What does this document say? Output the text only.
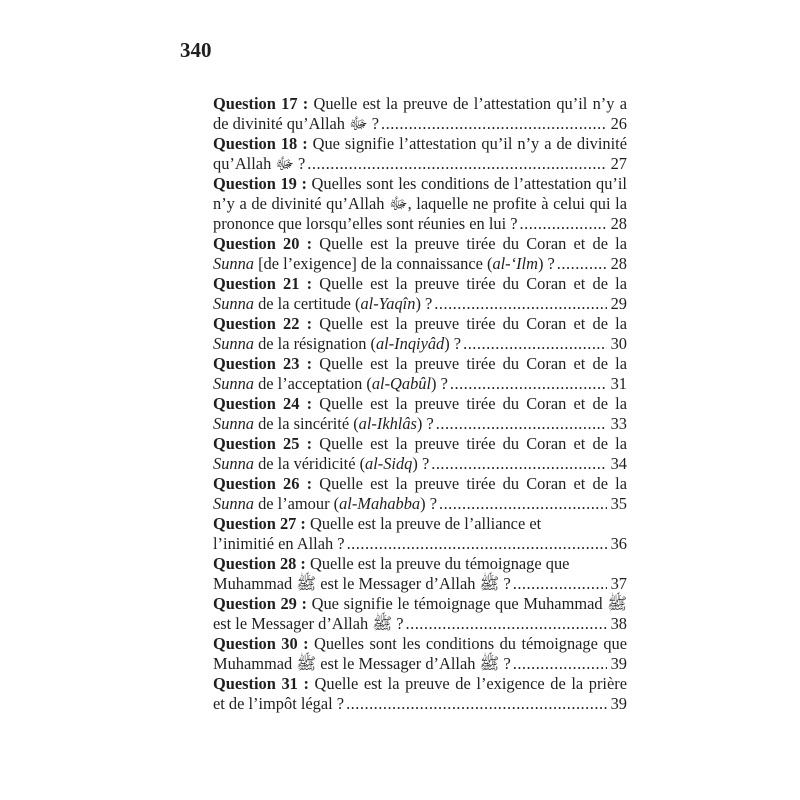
340
Question 17 : Quelle est la preuve de l’attestation qu’il n’y a
de divinité qu’Allah ﷻ ? .....	26
Question 18 : Que signifie l’attestation qu’il n’y a de divinité
qu’Allah ﷻ ? .....	27
Question 19 : Quelles sont les conditions de l’attestation qu’il
n’y a de divinité qu’Allah ﷻ, laquelle ne profite à celui qui la
prononce que lorsqu’elles sont réunies en lui ? .....	28
Question 20 : Quelle est la preuve tirée du Coran et de la
Sunna [de l’exigence] de la connaissance (al-‘Ilm) ? .....	28
Question 21 : Quelle est la preuve tirée du Coran et de la
Sunna de la certitude (al-Yaqîn) ? .....	29
Question 22 : Quelle est la preuve tirée du Coran et de la
Sunna de la résignation (al-Inqiyâd) ? .....	30
Question 23 : Quelle est la preuve tirée du Coran et de la
Sunna de l’acceptation (al-Qabûl) ? .....	31
Question 24 : Quelle est la preuve tirée du Coran et de la
Sunna de la sincérité (al-Ikhlâs) ? .....	33
Question 25 : Quelle est la preuve tirée du Coran et de la
Sunna de la véridicité (al-Sidq) ? .....	34
Question 26 : Quelle est la preuve tirée du Coran et de la
Sunna de l’amour (al-Mahabba) ? .....	35
Question 27 : Quelle est la preuve de l’alliance et
l’inimitié en Allah ? .....	36
Question 28 : Quelle est la preuve du témoignage que
Muhammad ﷺ est le Messager d’Allah ﷺ ? .....	37
Question 29 : Que signifie le témoignage que Muhammad ﷺ
est le Messager d’Allah ﷺ ? .....	38
Question 30 : Quelles sont les conditions du témoignage que
Muhammad ﷺ est le Messager d’Allah ﷺ ? .....	39
Question 31 : Quelle est la preuve de l’exigence de la prière
et de l’impôt légal ? .....	39
